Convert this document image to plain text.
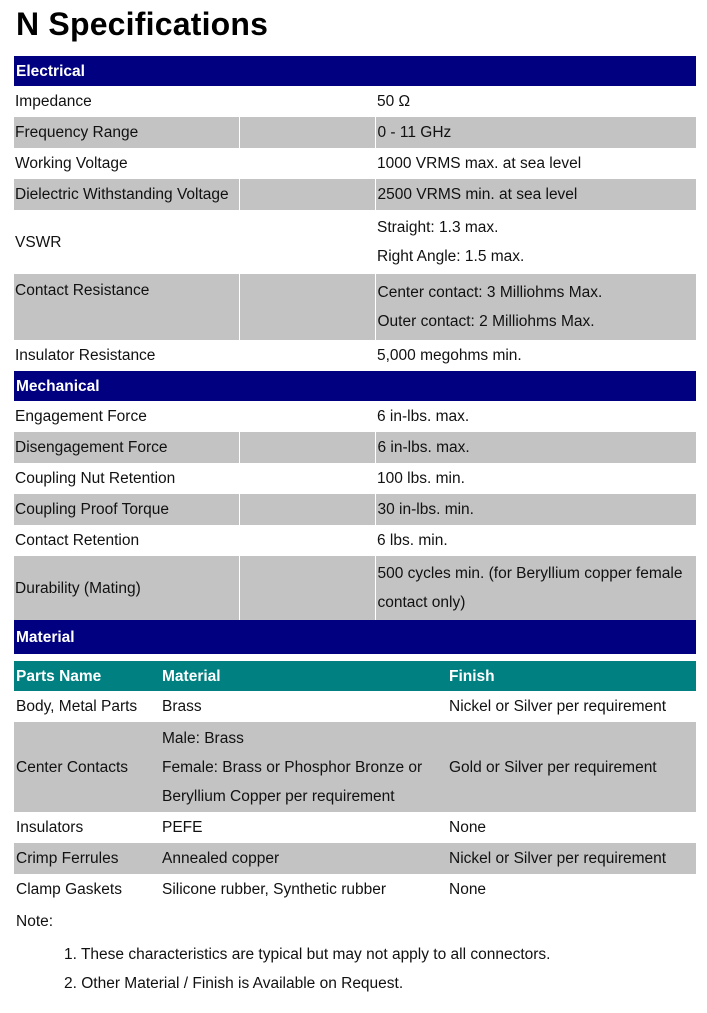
N Specifications
Electrical		
Impedance		50 Ω
Frequency Range		0 - 11 GHz
Working Voltage		1000 VRMS max. at sea level
Dielectric Withstanding Voltage		2500 VRMS min. at sea level
VSWR		Straight: 1.3 max.
Right Angle: 1.5 max.

Contact Resistance		Center contact: 3 Milliohms Max.
Outer contact: 2 Milliohms Max.

Insulator Resistance		5,000 megohms min.
Mechanical		
Engagement Force		6 in-lbs. max.
Disengagement Force		6 in-lbs. max.
Coupling Nut Retention		100 lbs. min.
Coupling Proof Torque		30 in-lbs. min.
Contact Retention		6 lbs. min.
Durability (Mating)		500 cycles min. (for Beryllium copper female
contact only)

Material		
Parts Name	Material	Finish
Body, Metal Parts	Brass	Nickel or Silver per requirement
Center Contacts	Male: Brass
Female: Brass or Phosphor Bronze or
Beryllium Copper per requirement	Gold or Silver per requirement
Insulators	PEFE	None
Crimp Ferrules	Annealed copper	Nickel or Silver per requirement
Clamp Gaskets	Silicone rubber, Synthetic rubber	None
Note:
1. These characteristics are typical but may not apply to all connectors.
2. Other Material / Finish is Available on Request.
